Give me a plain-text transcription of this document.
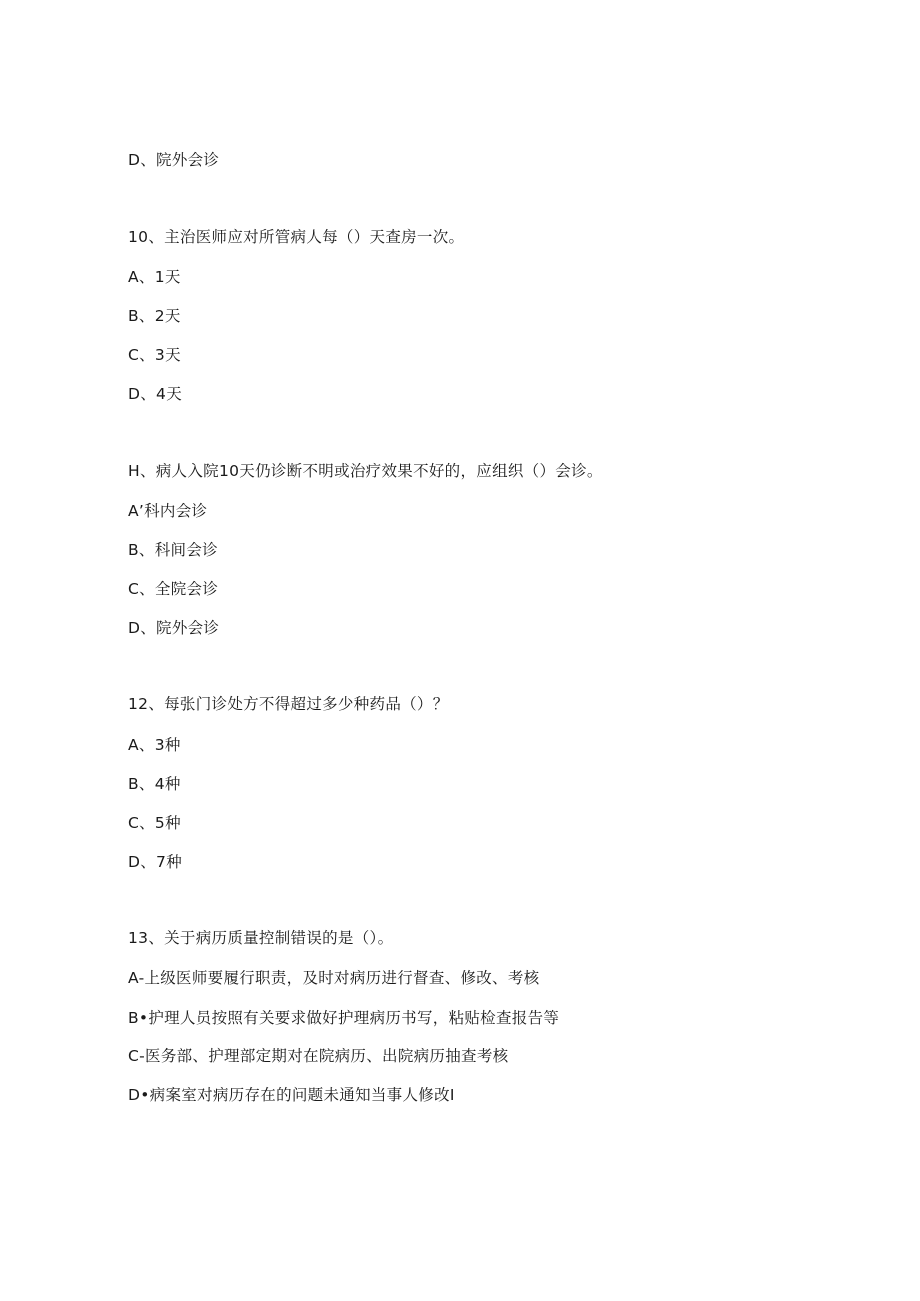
D、院外会诊
10、主治医师应对所管病人每（）天查房一次。
A、1天
B、2天
C、3天
D、4天
H、病人入院10天仍诊断不明或治疗效果不好的，应组织（）会诊。
A’科内会诊
B、科间会诊
C、全院会诊
D、院外会诊
12、每张门诊处方不得超过多少种药品（）？
A、3种
B、4种
C、5种
D、7种
13、关于病历质量控制错误的是（）。
A-上级医师要履行职责，及时对病历进行督查、修改、考核
B•护理人员按照有关要求做好护理病历书写，粘贴检查报告等
C-医务部、护理部定期对在院病历、出院病历抽查考核
D•病案室对病历存在的问题未通知当事人修改I
